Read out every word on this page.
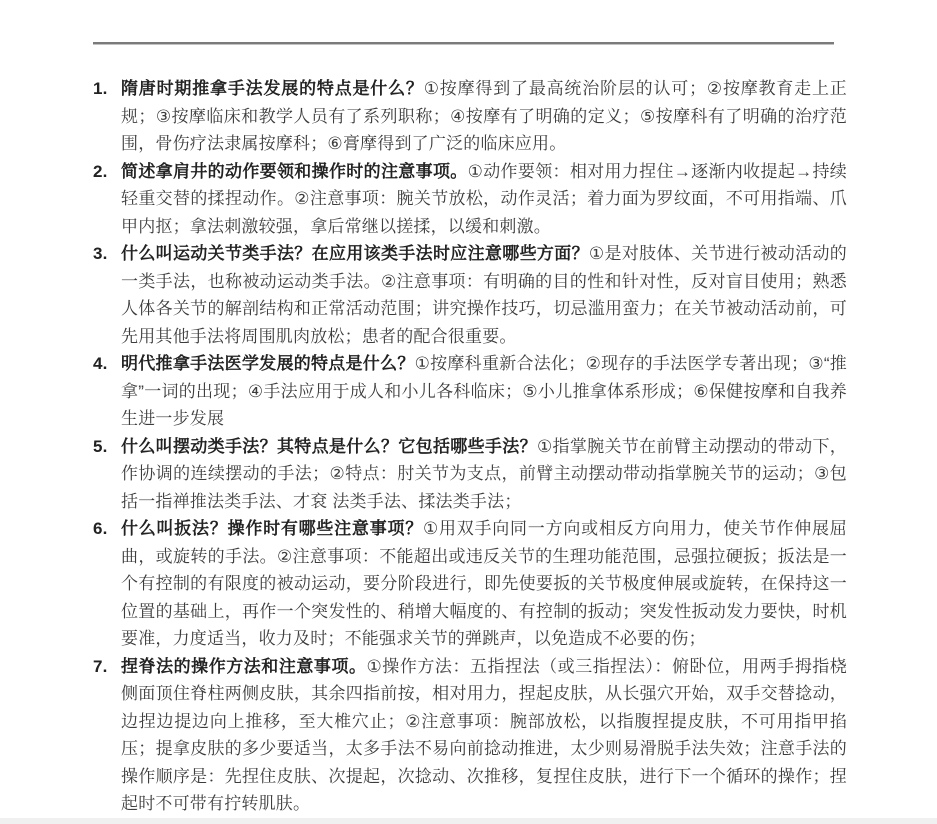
1. 隋唐时期推拿手法发展的特点是什么？①按摩得到了最高统治阶层的认可；②按摩教育走上正规；③按摩临床和教学人员有了系列职称；④按摩有了明确的定义；⑤按摩科有了明确的治疗范围，骨伤疗法隶属按摩科；⑥膏摩得到了广泛的临床应用。
2. 简述拿肩井的动作要领和操作时的注意事项。①动作要领：相对用力捏住→逐渐内收提起→持续轻重交替的揉捏动作。②注意事项：腕关节放松，动作灵活；着力面为罗纹面，不可用指端、爪甲内抠；拿法刺激较强，拿后常继以搓揉，以缓和刺激。
3. 什么叫运动关节类手法？在应用该类手法时应注意哪些方面？①是对肢体、关节进行被动活动的一类手法，也称被动运动类手法。②注意事项：有明确的目的性和针对性，反对盲目使用；熟悉人体各关节的解剖结构和正常活动范围；讲究操作技巧，切忌滥用蛮力；在关节被动活动前，可先用其他手法将周围肌肉放松；患者的配合很重要。
4. 明代推拿手法医学发展的特点是什么？①按摩科重新合法化；②现存的手法医学专著出现；③“推拿”一词的出现；④手法应用于成人和小儿各科临床；⑤小儿推拿体系形成；⑥保健按摩和自我养生进一步发展
5. 什么叫摆动类手法？其特点是什么？它包括哪些手法？①指掌腕关节在前臂主动摆动的带动下，作协调的连续摆动的手法；②特点：肘关节为支点，前臂主动摆动带动指掌腕关节的运动；③包括一指禅推法类手法、才袞 法类手法、揉法类手法；
6. 什么叫扳法？操作时有哪些注意事项？①用双手向同一方向或相反方向用力，使关节作伸展屈曲，或旋转的手法。②注意事项：不能超出或违反关节的生理功能范围，忌强拉硬扳；扳法是一个有控制的有限度的被动运动，要分阶段进行，即先使要扳的关节极度伸展或旋转，在保持这一位置的基础上，再作一个突发性的、稍增大幅度的、有控制的扳动；突发性扳动发力要快，时机要准，力度适当，收力及时；不能强求关节的弹跳声，以免造成不必要的伤；
7. 捏脊法的操作方法和注意事项。①操作方法：五指捏法（或三指捏法）：俯卧位，用两手拇指桡侧面顶住脊柱两侧皮肤，其余四指前按，相对用力，捏起皮肤，从长强穴开始，双手交替捻动，边捏边提边向上推移，至大椎穴止；②注意事项：腕部放松，以指腹捏提皮肤，不可用指甲掐压；提拿皮肤的多少要适当，太多手法不易向前捻动推进，太少则易滑脱手法失效；注意手法的操作顺序是：先捏住皮肤、次提起，次捻动、次推移，复捏住皮肤，进行下一个循环的操作；捏起时不可带有拧转肌肤。
